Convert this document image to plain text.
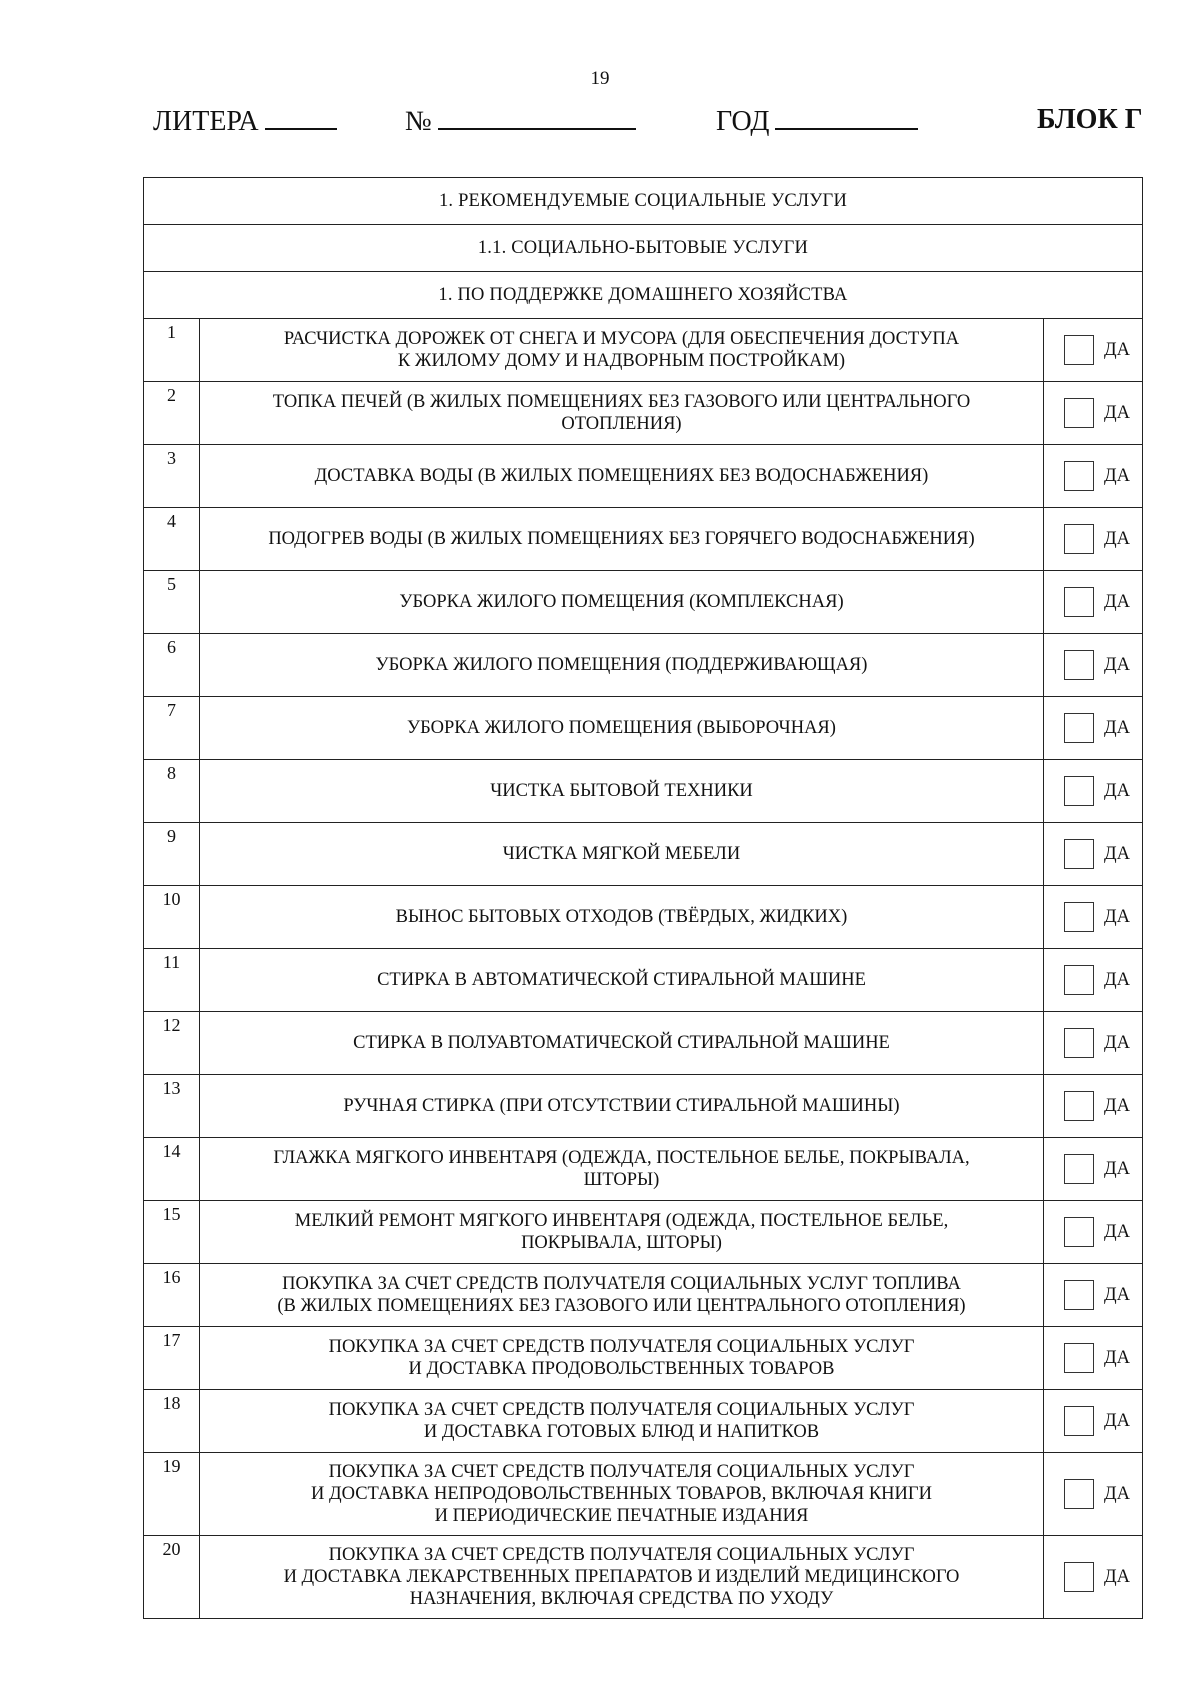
19
ЛИТЕРА	№	ГОД	БЛОК Г
1. РЕКОМЕНДУЕМЫЕ СОЦИАЛЬНЫЕ УСЛУГИ		
1.1. СОЦИАЛЬНО-БЫТОВЫЕ УСЛУГИ		
1. ПО ПОДДЕРЖКЕ ДОМАШНЕГО ХОЗЯЙСТВА		
1	РАСЧИСТКА ДОРОЖЕК ОТ СНЕГА И МУСОРА (ДЛЯ ОБЕСПЕЧЕНИЯ ДОСТУПА
К ЖИЛОМУ ДОМУ И НАДВОРНЫМ ПОСТРОЙКАМ)	ДА

2	ТОПКА ПЕЧЕЙ (В ЖИЛЫХ ПОМЕЩЕНИЯХ БЕЗ ГАЗОВОГО ИЛИ ЦЕНТРАЛЬНОГО
ОТОПЛЕНИЯ)	ДА

3	ДОСТАВКА ВОДЫ (В ЖИЛЫХ ПОМЕЩЕНИЯХ БЕЗ ВОДОСНАБЖЕНИЯ)	ДА

4	ПОДОГРЕВ ВОДЫ (В ЖИЛЫХ ПОМЕЩЕНИЯХ БЕЗ ГОРЯЧЕГО ВОДОСНАБЖЕНИЯ)	ДА

5	УБОРКА ЖИЛОГО ПОМЕЩЕНИЯ (КОМПЛЕКСНАЯ)	ДА

6	УБОРКА ЖИЛОГО ПОМЕЩЕНИЯ (ПОДДЕРЖИВАЮЩАЯ)	ДА

7	УБОРКА ЖИЛОГО ПОМЕЩЕНИЯ (ВЫБОРОЧНАЯ)	ДА

8	ЧИСТКА БЫТОВОЙ ТЕХНИКИ	ДА

9	ЧИСТКА МЯГКОЙ МЕБЕЛИ	ДА

10	ВЫНОС БЫТОВЫХ ОТХОДОВ (ТВЁРДЫХ, ЖИДКИХ)	ДА

11	СТИРКА В АВТОМАТИЧЕСКОЙ СТИРАЛЬНОЙ МАШИНЕ	ДА

12	СТИРКА В ПОЛУАВТОМАТИЧЕСКОЙ СТИРАЛЬНОЙ МАШИНЕ	ДА

13	РУЧНАЯ СТИРКА (ПРИ ОТСУТСТВИИ СТИРАЛЬНОЙ МАШИНЫ)	ДА

14	ГЛАЖКА МЯГКОГО ИНВЕНТАРЯ (ОДЕЖДА, ПОСТЕЛЬНОЕ БЕЛЬЕ, ПОКРЫВАЛА,
ШТОРЫ)	ДА

15	МЕЛКИЙ РЕМОНТ МЯГКОГО ИНВЕНТАРЯ (ОДЕЖДА, ПОСТЕЛЬНОЕ БЕЛЬЕ,
ПОКРЫВАЛА, ШТОРЫ)	ДА

16	ПОКУПКА ЗА СЧЕТ СРЕДСТВ ПОЛУЧАТЕЛЯ СОЦИАЛЬНЫХ УСЛУГ ТОПЛИВА
(В ЖИЛЫХ ПОМЕЩЕНИЯХ БЕЗ ГАЗОВОГО ИЛИ ЦЕНТРАЛЬНОГО ОТОПЛЕНИЯ)	ДА

17	ПОКУПКА ЗА СЧЕТ СРЕДСТВ ПОЛУЧАТЕЛЯ СОЦИАЛЬНЫХ УСЛУГ
И ДОСТАВКА ПРОДОВОЛЬСТВЕННЫХ ТОВАРОВ	ДА

18	ПОКУПКА ЗА СЧЕТ СРЕДСТВ ПОЛУЧАТЕЛЯ СОЦИАЛЬНЫХ УСЛУГ
И ДОСТАВКА ГОТОВЫХ БЛЮД И НАПИТКОВ	ДА

19	ПОКУПКА ЗА СЧЕТ СРЕДСТВ ПОЛУЧАТЕЛЯ СОЦИАЛЬНЫХ УСЛУГ
И ДОСТАВКА НЕПРОДОВОЛЬСТВЕННЫХ ТОВАРОВ, ВКЛЮЧАЯ КНИГИ
И ПЕРИОДИЧЕСКИЕ ПЕЧАТНЫЕ ИЗДАНИЯ	ДА

20	ПОКУПКА ЗА СЧЕТ СРЕДСТВ ПОЛУЧАТЕЛЯ СОЦИАЛЬНЫХ УСЛУГ
И ДОСТАВКА ЛЕКАРСТВЕННЫХ ПРЕПАРАТОВ И ИЗДЕЛИЙ МЕДИЦИНСКОГО
НАЗНАЧЕНИЯ, ВКЛЮЧАЯ СРЕДСТВА ПО УХОДУ	ДА
